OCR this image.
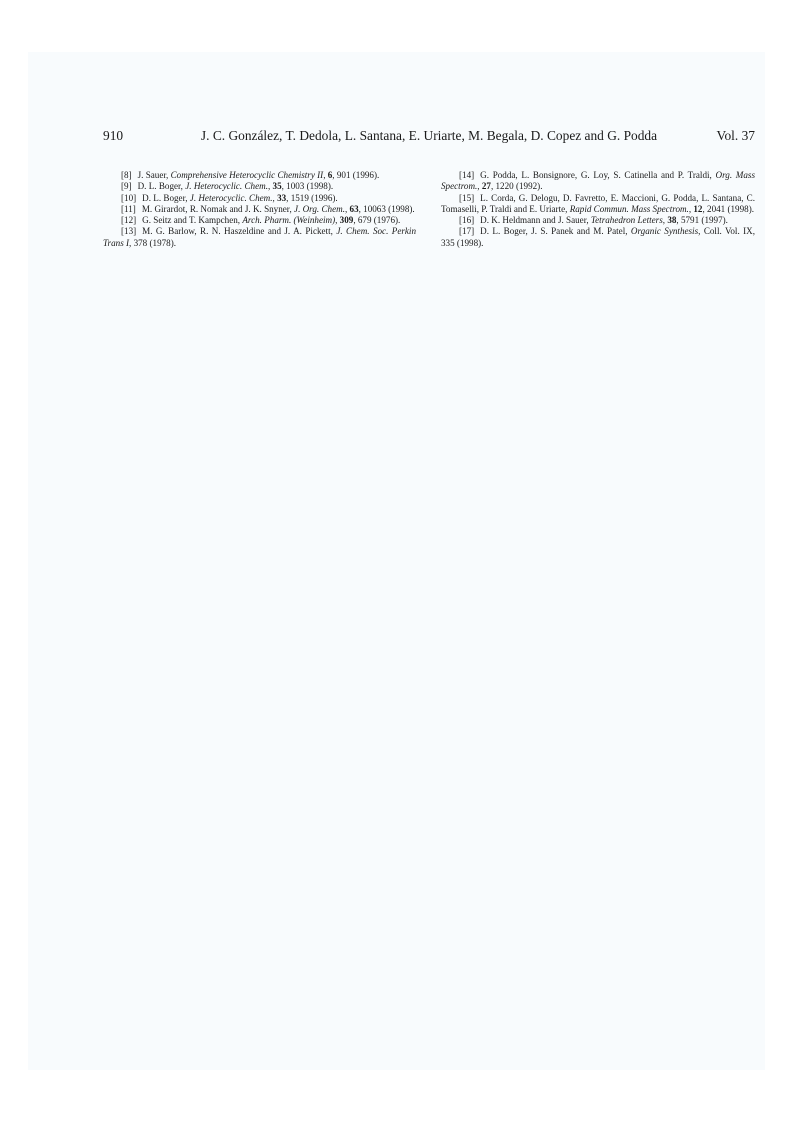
910	J. C. González, T. Dedola, L. Santana, E. Uriarte, M. Begala, D. Copez and G. Podda	Vol. 37

[8] J. Sauer, Comprehensive Heterocyclic Chemistry II, 6, 901 (1996).

[9] D. L. Boger, J. Heterocyclic. Chem., 35, 1003 (1998).

[10] D. L. Boger, J. Heterocyclic. Chem., 33, 1519 (1996).

[11] M. Girardot, R. Nomak and J. K. Snyner, J. Org. Chem., 63, 10063 (1998).

[12] G. Seitz and T. Kampchen, Arch. Pharm. (Weinheim), 309, 679 (1976).

[13] M. G. Barlow, R. N. Haszeldine and J. A. Pickett, J. Chem. Soc. Perkin Trans I, 378 (1978).

[14] G. Podda, L. Bonsignore, G. Loy, S. Catinella and P. Traldi, Org. Mass Spectrom., 27, 1220 (1992).

[15] L. Corda, G. Delogu, D. Favretto, E. Maccioni, G. Podda, L. Santana, C. Tomaselli, P. Traldi and E. Uriarte, Rapid Commun. Mass Spectrom., 12, 2041 (1998).

[16] D. K. Heldmann and J. Sauer, Tetrahedron Letters, 38, 5791 (1997).

[17] D. L. Boger, J. S. Panek and M. Patel, Organic Synthesis, Coll. Vol. IX, 335 (1998).
